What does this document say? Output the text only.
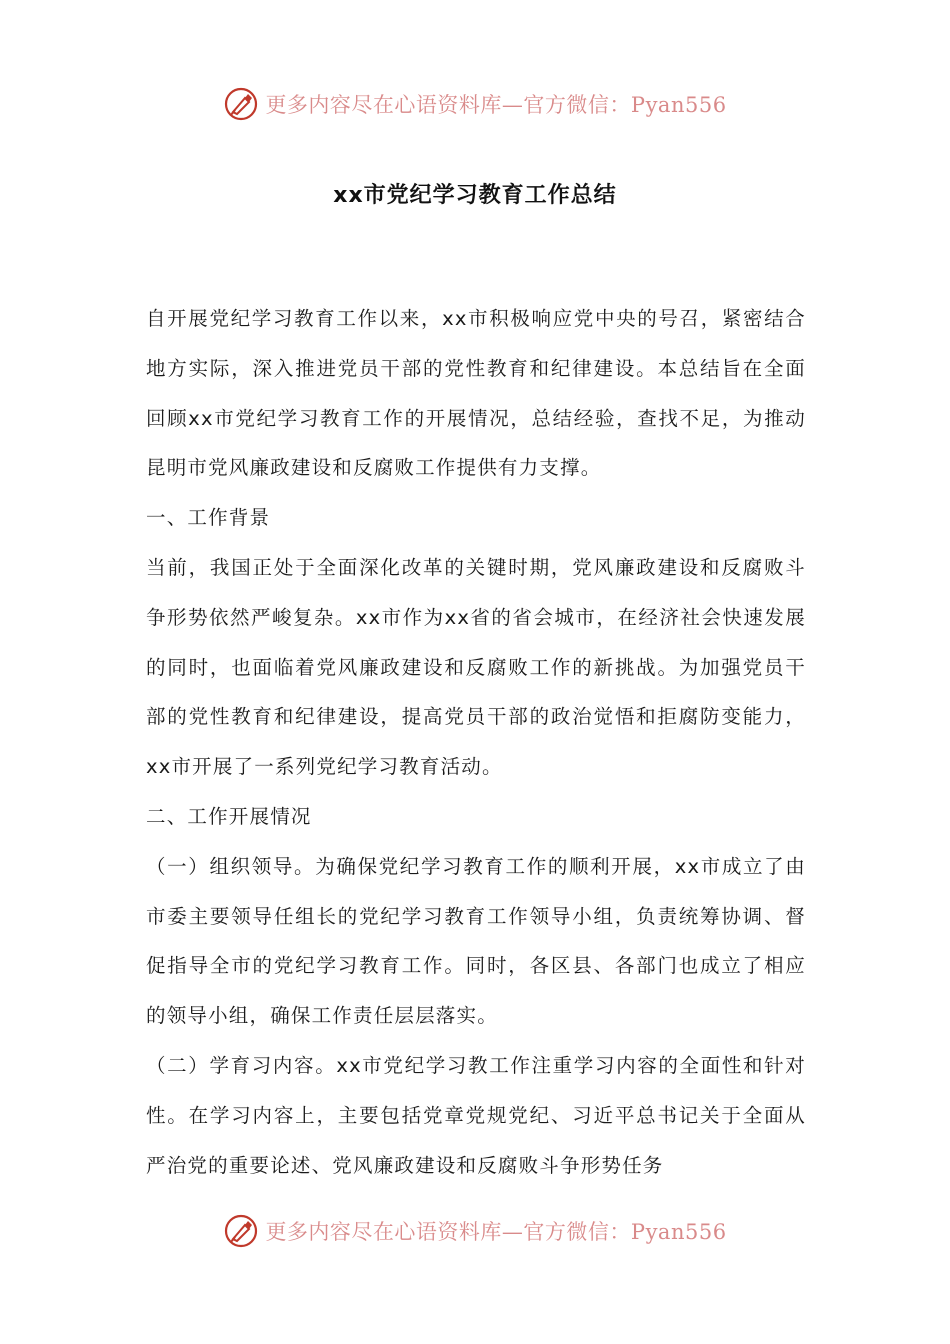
更多内容尽在心语资料库—官方微信：Pyan556
xx市党纪学习教育工作总结

自开展党纪学习教育工作以来，xx市积极响应党中央的号召，紧密结合地方实际，深入推进党员干部的党性教育和纪律建设。本总结旨在全面回顾xx市党纪学习教育工作的开展情况，总结经验，查找不足，为推动昆明市党风廉政建设和反腐败工作提供有力支撑。

一、工作背景

当前，我国正处于全面深化改革的关键时期，党风廉政建设和反腐败斗争形势依然严峻复杂。xx市作为xx省的省会城市，在经济社会快速发展的同时，也面临着党风廉政建设和反腐败工作的新挑战。为加强党员干部的党性教育和纪律建设，提高党员干部的政治觉悟和拒腐防变能力，xx市开展了一系列党纪学习教育活动。

二、工作开展情况

（一）组织领导。为确保党纪学习教育工作的顺利开展，xx市成立了由市委主要领导任组长的党纪学习教育工作领导小组，负责统筹协调、督促指导全市的党纪学习教育工作。同时，各区县、各部门也成立了相应的领导小组，确保工作责任层层落实。

（二）学育习内容。xx市党纪学习教工作注重学习内容的全面性和针对性。在学习内容上，主要包括党章党规党纪、习近平总书记关于全面从严治党的重要论述、党风廉政建设和反腐败斗争形势任务

更多内容尽在心语资料库—官方微信：Pyan556
